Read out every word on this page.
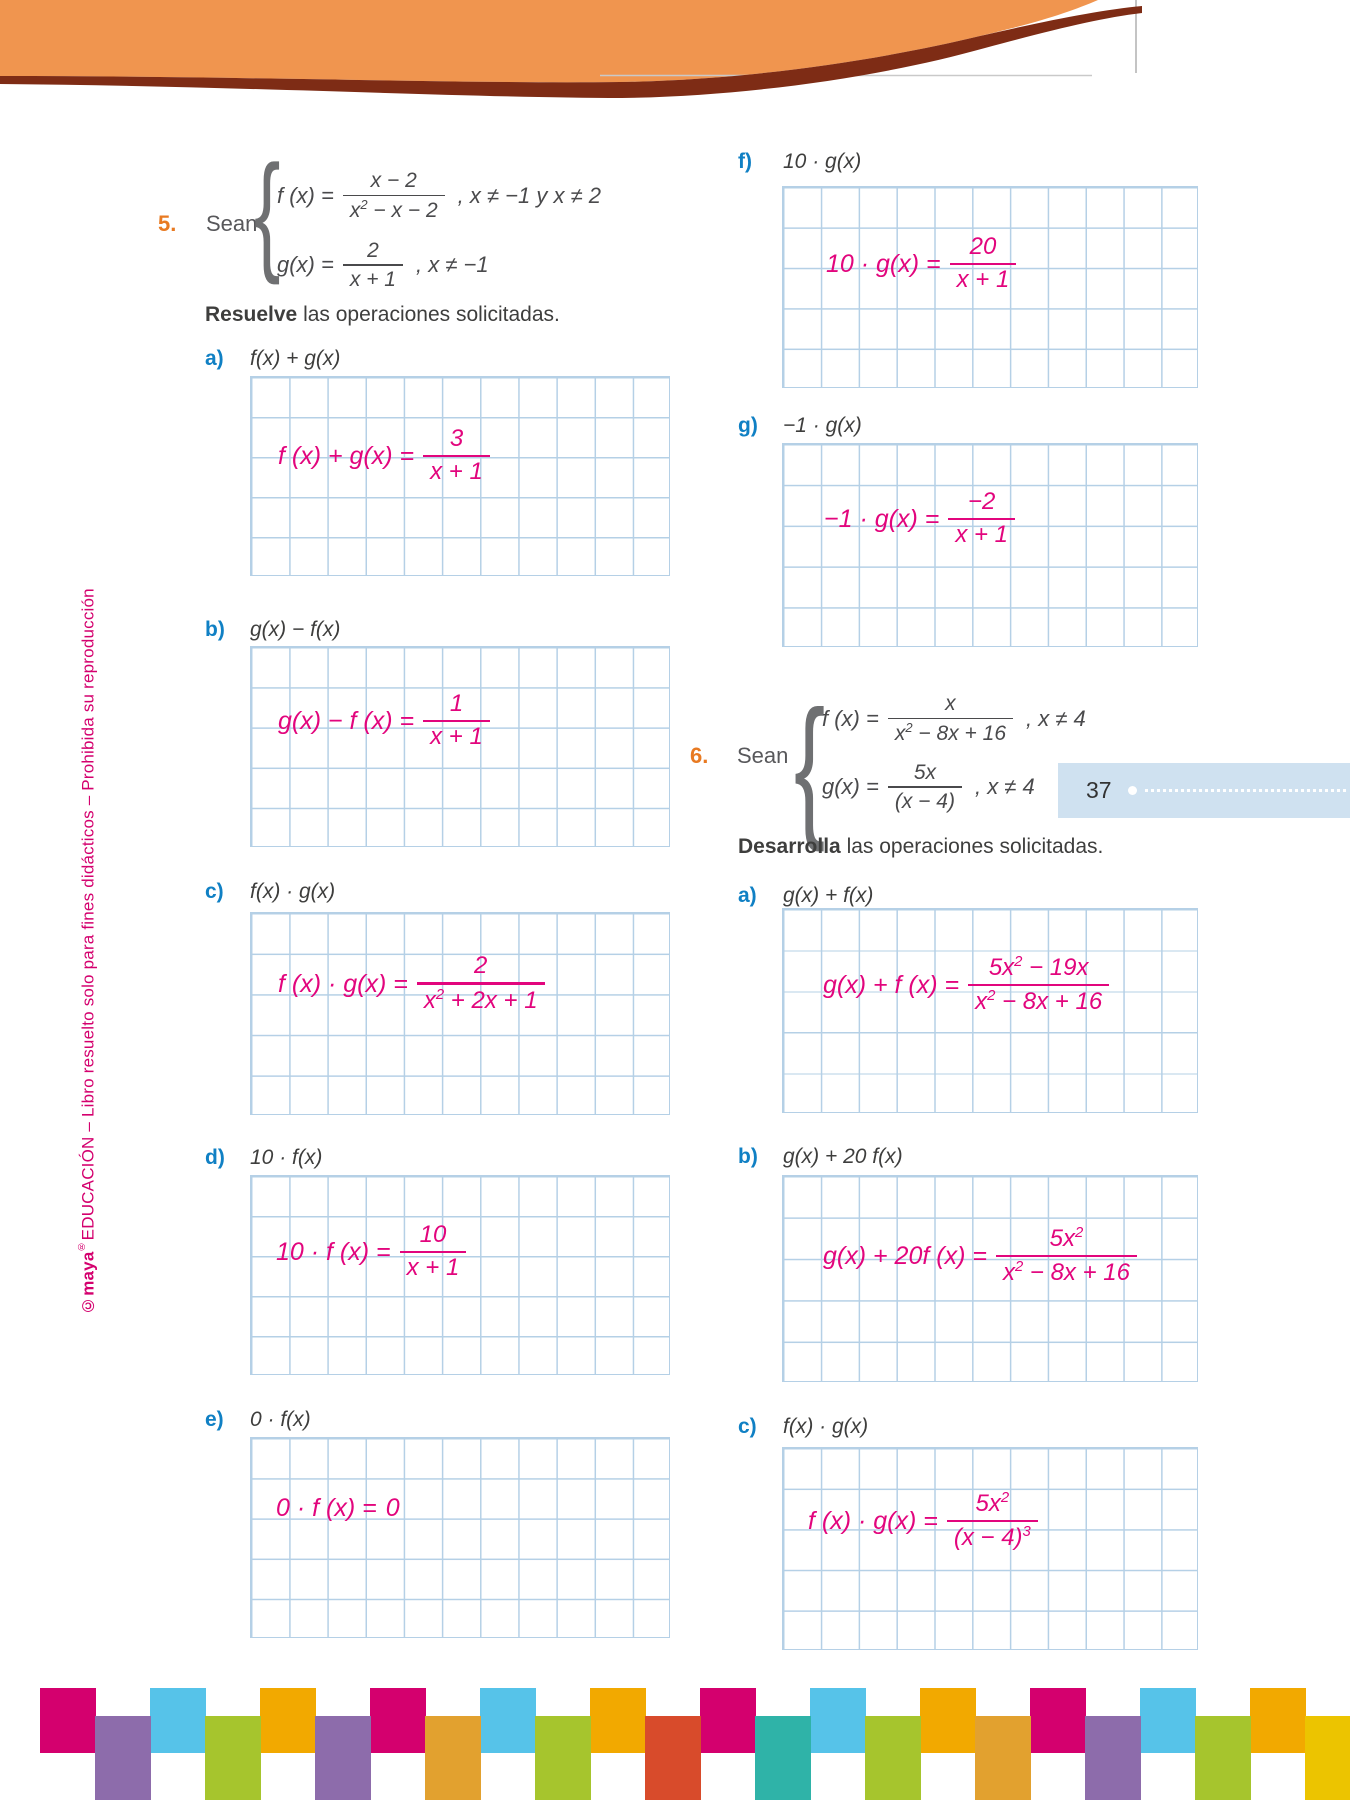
©maya®EDUCACIÓN – Libro resuelto solo para fines didácticos – Prohibida su reproducción
5. Sean
{
Resuelve las operaciones solicitadas.
6. Sean {
Desarrolla las operaciones solicitadas.
37
f $(x) = \frac{x - 2}{x^2 - x - 2}$ , x ≠ −1 y x ≠ 2
$g(x) = \frac{2}{x + 1}$ , x ≠ −1
f $(x) = \frac{x}{x^2 - 8x + 16}$ , x ≠ 4
$g(x) = \frac{5x}{(x - 4)}$ , x ≠ 4
a) f(x) + g(x)
f $(x) + g(x) = \frac{3}{x + 1}$
b) g(x) − f(x)
g(x) − f $(x) = \frac{1}{x + 1}$
c) f(x) · g(x)
f $(x) \cdot g(x) = \frac{2}{x^2 + 2x + 1}$
d) 10 · f(x)
10 · f $(x) = \frac{10}{x + 1}$
e) 0 · f(x)
0 · f (x) = 0
f) 10 · g(x)
$10 \cdot g(x) = \frac{20}{x + 1}$
g) −1 · g(x)
$-1 \cdot g(x) = \frac{-2}{x + 1}$
a) g(x) + f(x)
g(x) + f $(x) = \frac{5x^2 - 19x}{x^2 - 8x + 16}$
b) g(x) + 20 f(x)
g(x) + 20f $(x) = \frac{5x^2}{x^2 - 8x + 16}$
c) f(x) · g(x)
f $(x) \cdot g(x) = \frac{5x^2}{(x - 4)^3}$
